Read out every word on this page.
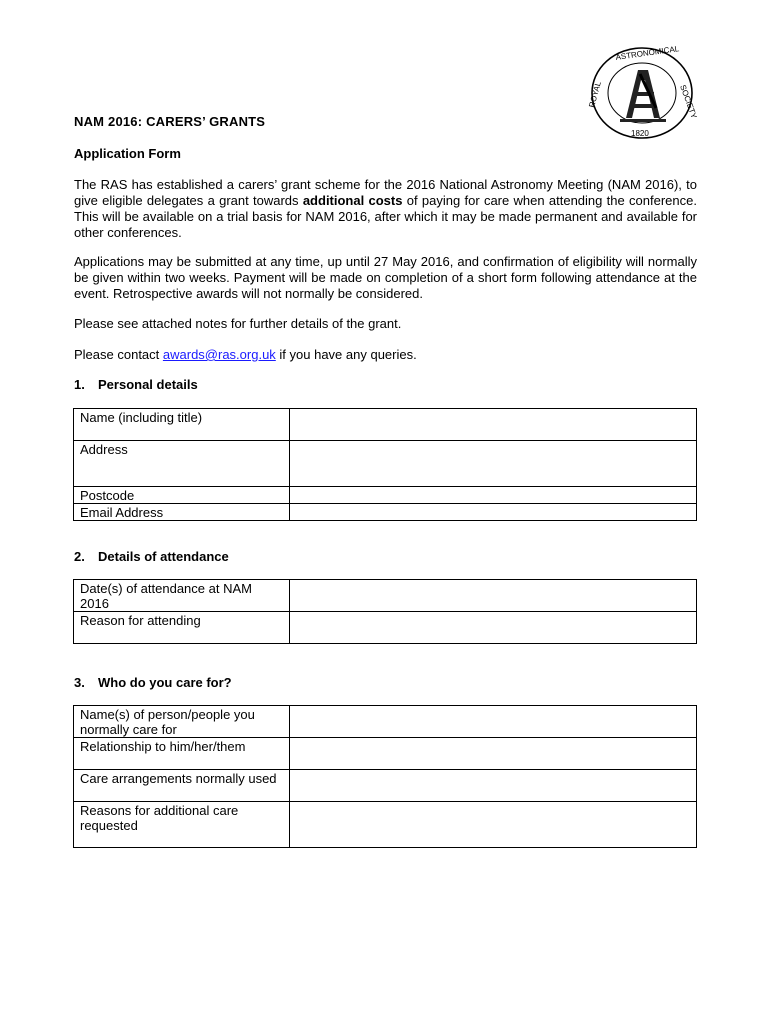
ASTRONOMICAL
ROYAL	SOCIETY
1820
NAM 2016: CARERS’ GRANTS
Application Form

The RAS has established a carers’ grant scheme for the 2016 National Astronomy Meeting (NAM 2016), to give eligible delegates a grant towards additional costs of paying for care when attending the conference. This will be available on a trial basis for NAM 2016, after which it may be made permanent and available for other conferences.

Applications may be submitted at any time, up until 27 May 2016, and confirmation of eligibility will normally be given within two weeks. Payment will be made on completion of a short form following attendance at the event. Retrospective awards will not normally be considered.

Please see attached notes for further details of the grant.

Please contact awards@ras.org.uk if you have any queries.

1. Personal details
Name (including title)	
Address	
Postcode	
Email Address	
2. Details of attendance
Date(s) of attendance at NAM 2016	
Reason for attending	
3. Who do you care for?
Name(s) of person/people you normally care for	
Relationship to him/her/them	
Care arrangements normally used	
Reasons for additional care requested	
